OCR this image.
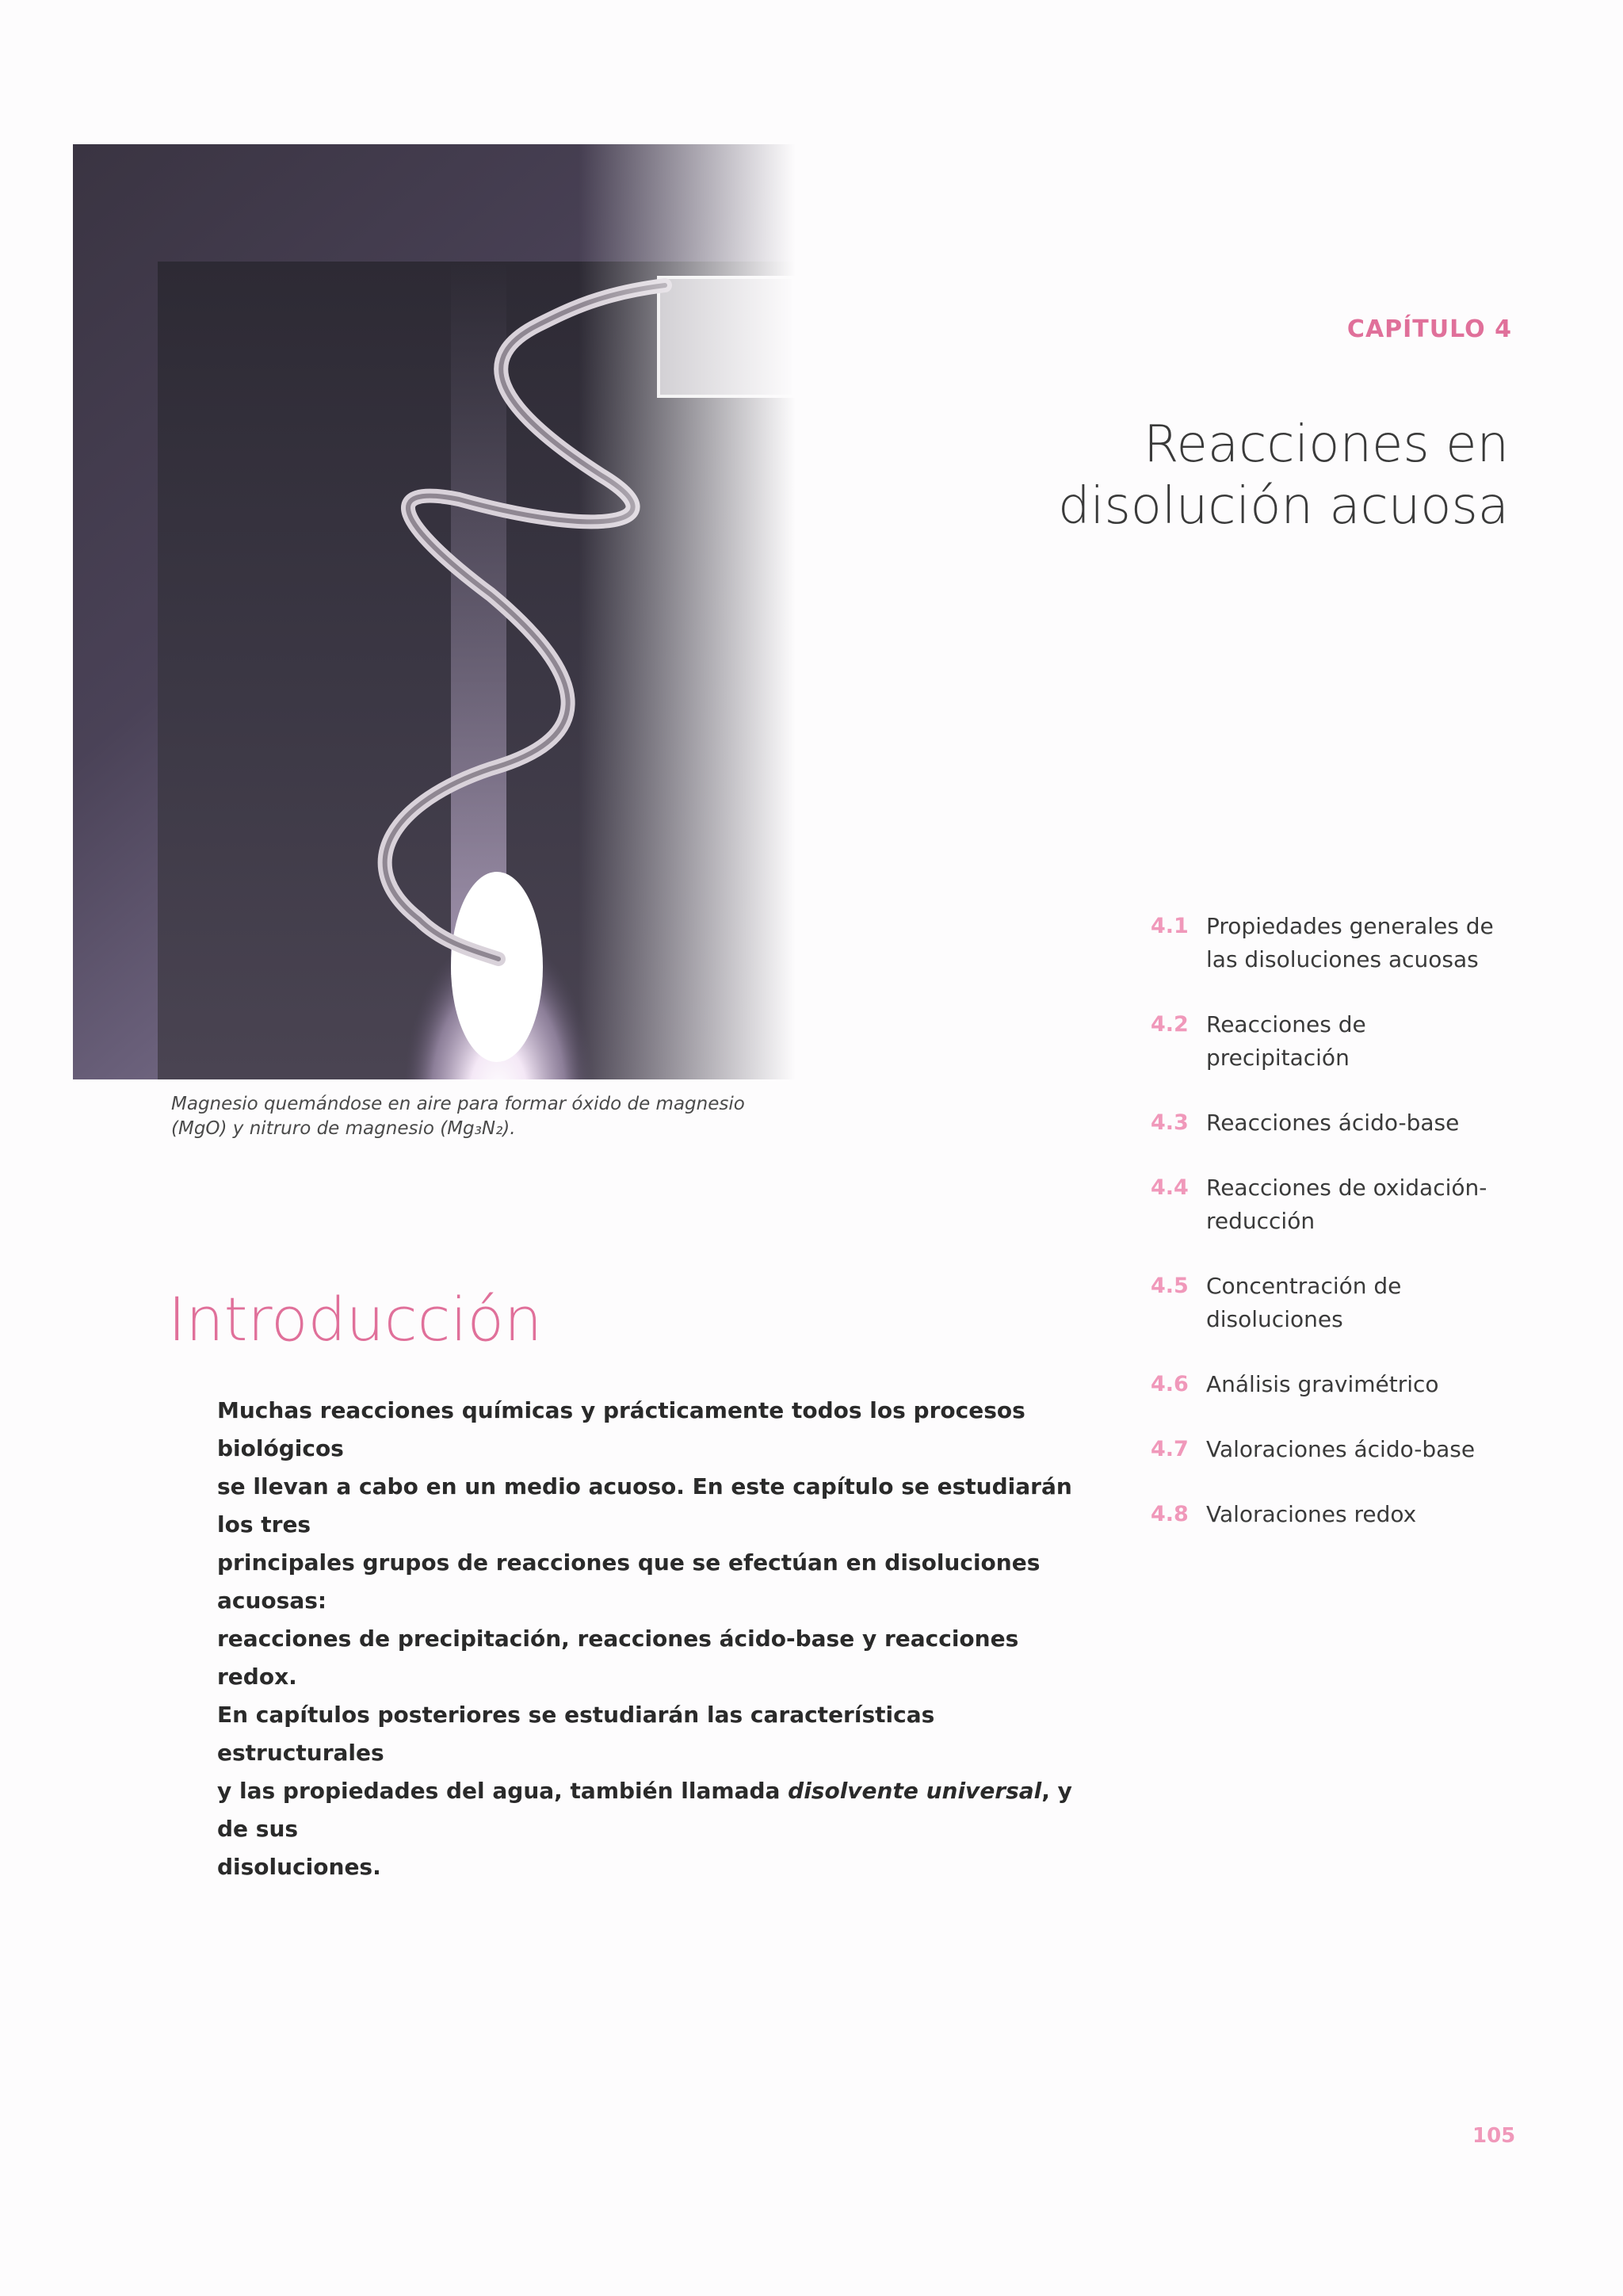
Magnesio quemándose en aire para formar óxido de magnesio
(MgO) y nitruro de magnesio (Mg₃N₂).
CAPÍTULO 4
Reacciones en
disolución acuosa
4.1 Propiedades generales de
las disoluciones acuosas
4.2 Reacciones de
precipitación
4.3 Reacciones ácido-base
4.4 Reacciones de oxidación-
reducción
4.5 Concentración de
disoluciones
4.6 Análisis gravimétrico
4.7 Valoraciones ácido-base
4.8 Valoraciones redox
Introducción
Muchas reacciones químicas y prácticamente todos los procesos biológicos
se llevan a cabo en un medio acuoso. En este capítulo se estudiarán los tres
principales grupos de reacciones que se efectúan en disoluciones acuosas:
reacciones de precipitación, reacciones ácido-base y reacciones redox.
En capítulos posteriores se estudiarán las características estructurales
y las propiedades del agua, también llamada disolvente universal, y de sus
disoluciones.
105
